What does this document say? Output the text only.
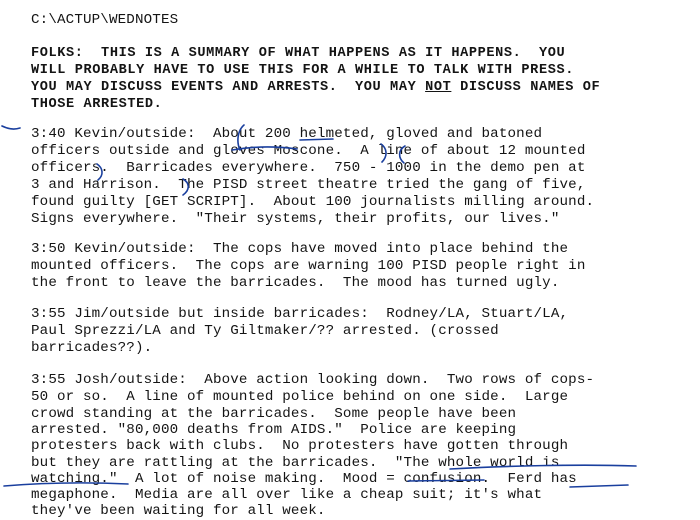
C:\ACTUP\WEDNOTES
FOLKS:  THIS IS A SUMMARY OF WHAT HAPPENS AS IT HAPPENS.  YOU
WILL PROBABLY HAVE TO USE THIS FOR A WHILE TO TALK WITH PRESS.
YOU MAY DISCUSS EVENTS AND ARRESTS.  YOU MAY NOT DISCUSS NAMES OF
THOSE ARRESTED.
3:40 Kevin/outside:  About 200 helmeted, gloved and batoned
officers outside and gloves Moscone.  A line of about 12 mounted
officers.  Barricades everywhere.  750 - 1000 in the demo pen at
3 and Harrison.  The PISD street theatre tried the gang of five,
found guilty [GET SCRIPT].  About 100 journalists milling around.
Signs everywhere.  "Their systems, their profits, our lives."
3:50 Kevin/outside:  The cops have moved into place behind the
mounted officers.  The cops are warning 100 PISD people right in
the front to leave the barricades.  The mood has turned ugly.
3:55 Jim/outside but inside barricades:  Rodney/LA, Stuart/LA,
Paul Sprezzi/LA and Ty Giltmaker/?? arrested. (crossed
barricades??).
3:55 Josh/outside:  Above action looking down.  Two rows of cops-
50 or so.  A line of mounted police behind on one side.  Large
crowd standing at the barricades.  Some people have been
arrested. "80,000 deaths from AIDS."  Police are keeping
protesters back with clubs.  No protesters have gotten through
but they are rattling at the barricades.  "The whole world is
watching."  A lot of noise making.  Mood = confusion.  Ferd has
megaphone.  Media are all over like a cheap suit; it's what
they've been waiting for all week.
